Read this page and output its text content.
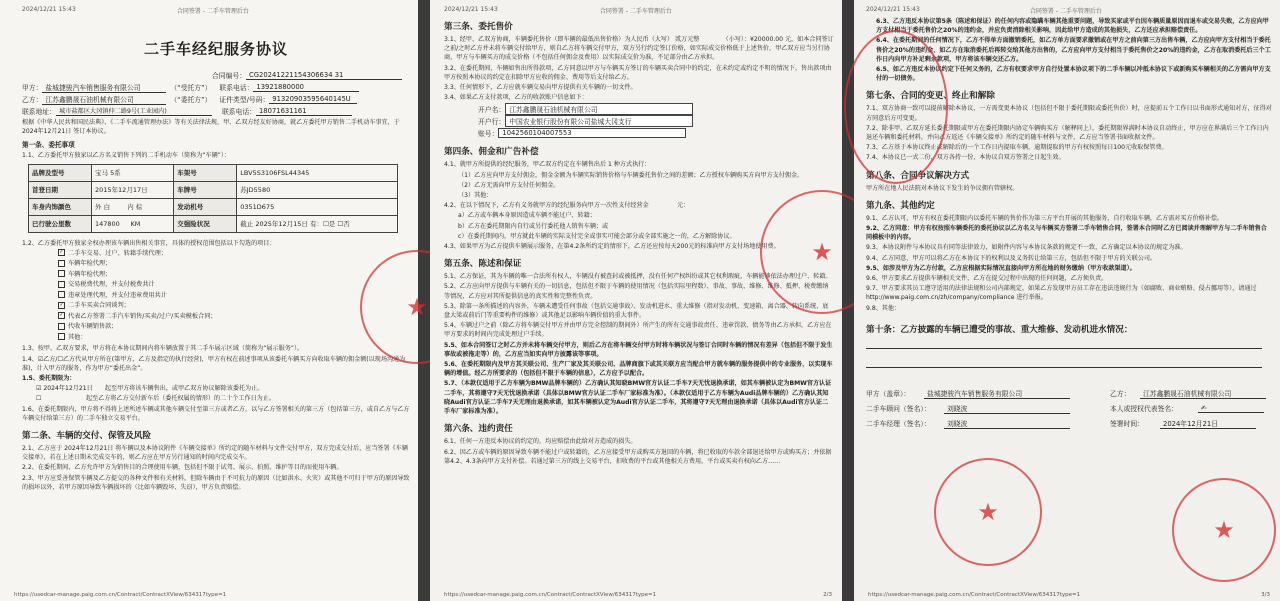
2024/12/21 15:43	合同签署 - 二手车管理后台
二手车经纪服务协议
合同编号： CG20241221154306634 31
甲方： 盐城捷骏汽车销售服务有限公司	（“受托方”） 联系电话： 13921880000
乙方： 江苏鑫鹏晟石油机械有限公司	（“委托方”） 证件类型/号码： 91320903595640145U
联系地址： 城市盐都区大冈镇仲二路9号(工业园内)	联系电话： 18071631161
根据《中华人民共和国民法典》、《二手车流通管理办法》等有关法律法规，甲、乙双方经友好协商，就乙方委托甲方销售二手机动车事宜，于 2024年12月21日 签订本协议。
第一条、委托事项
1.1、乙方委托甲方独家以乙方名义销售下列的二手机动车（简称为“车辆”）：
品牌及型号	宝马 5系	车架号	LBV5S3106FSL44345
首登日期	2015年12月17日	车牌号	苏JD5580
车身内饰颜色	外 白 　　 内 棕	发动机号	0351D675
已行驶公里数	147800 　 KM	交强险状况	截止 2025年12月15日 有：☐是 ☐否
1.2、乙方委托甲方独家全权办理该车辆出售相关事宜，具体的授权范围包括以下勾选的项目：
✓ 二手车交易、过户、转籍手续代理；
车辆年检代理；
车辆年检代理；
交易税费代理，并支付税费共计
违章处理代理，并支付违章费用共计
✓ 二手车买卖合同谈判；
✓ 代表乙方签署二手汽车销售/买卖/过户/买卖模板合同；
代收车辆销售款；
其他：
1.3、按甲、乙双方要求，甲方将在本协议期间内将车辆放置于其二手车展示区域（简称为“展示服务”）。
1.4、☑乙方/☐乙方代从甲方所在(第甲方、乙方及指定的执行经营)，甲方有权在前述事项从该委托车辆买方向收取车辆的佣金额(以现场沟通为准)，计入甲方的服务，作为甲方“委托出金”。
1.5、委托期限为：
☑ 2024年12月21日　　起至甲方将该车辆售出，或甲乙双方协议解除该委托为止。
☐ 　　　　　　　起至乙方将乙方交付新车后（委托权属的情形）的二十个工作日为止。
1.6、在委托期限内，甲方将不得将上述所述车辆或其他车辆交付至第三方或者乙方，以与乙方签署相关的第三方（包括第三方，或自乙方与乙方车辆交付给第三方）的二手车独立交易平台。
第二条、车辆的交付、保管及风险
2.1、乙方应于 2024年12月21日 将车辆以及本协议附件《车辆交接单》所约定的随车材料与文件交付甲方，双方完成交付后，应当签署《车辆交接单》，若在上述日期未完成交车的，则乙方应在甲方另行通知的时间内完成交车。
2.2、在委托期间，乙方允许甲方为销售目的合理使用车辆，包括但不限于试驾、展示、拍照、维护等目的而使用车辆。
2.3、甲方应妥善保管车辆及乙方提交的各种文件和有关材料，但除车辆由于不可抗力的原因（比如洪水、火灾）或其他不可归于甲方的原因导致的损坏以外，若甲方原因导致车辆损坏的（比如车辆毁坏、失窃），甲方负责赔偿。
https://usedcar-manage.paig.com.cn/Contract/ContractXView/634317type=1
★
2024/12/21 15:43	合同签署 - 二手车管理后台
第三条、委托售价
3.1、经甲、乙双方协商，车辆委托售价（即车辆的最低出售价格）为人民币（大写） 贰万元整 　　　　（小写）：¥20000.00 元，如本合同签订之前/之时乙方并未将车辆交付给甲方，则自乙方将车辆交付甲方，双方另行约定签订价格，如实际成交价格低于上述售价，甲乙双方应当另行协商，甲方与车辆买方的成交价格（不包括任何佣金及费用）以实际成交价为准，不足部分由乙方承担。
3.2、在委托期间，车辆如售出所得款项，乙方同意以甲方与车辆买方签订的车辆买卖合同中的约定，在未约定或约定不明的情况下，售出款项由甲方按照本协议的约定在扣除甲方应收的佣金、费用等后支付给乙方。
3.3、任何情形下，乙方应就车辆交易向甲方提供有关车辆的一切文件。
3.4、如果乙方支付款项，乙方的收款账户信息如下：
开户名： 江苏鑫鹏晟石油机械有限公司
开户行： 中国农业银行股份有限公司盐城大冈支行
账号： 1042560104007553
第四条、佣金和广告补偿
4.1、就甲方所提供的经纪服务，甲乙双方约定在车辆售出后 1 种方式执行：
（1）乙方应向甲方支付佣金，佣金金额为车辆实际销售价格与车辆委托售价之间的差额；乙方授权车辆购买方向甲方支付佣金。
（2）乙方无需向甲方支付任何佣金。
（3）其他：
4.2、在以下情况下，乙方有义务就甲方的经纪服务向甲方一次性支付经营金 　　　　 元：
a）乙方或车辆本身原因造成车辆不能过户、转籍；
b）乙方在委托期限内自行或另行委托他人销售车辆；或
c）在委托期间内，甲方就此车辆的实际支付完全或事实可能会部分或全部实施之一的，乙方解除协议。
4.3、如果甲方为乙方提供车辆展示服务，在第4.2条所约定的情形下，乙方还应按每天200元的标准向甲方支付场地使用费。
第五条、陈述和保证
5.1、乙方保证，其为车辆的唯一合法所有权人，车辆没有被查封或被抵押，没有任何产权纠纷或其它权利瑕疵，车辆能够依法办理过户、转籍。
5.2、乙方应向甲方提供与车辆有关的一切信息，包括但不限于车辆的使用情况（包括实际里程数）、事故、事故、维修、维修、抵押、税费缴纳等情况，乙方应对其所提供信息的真实性和完整性负责。
5.3、除第一条所描述的内容外，车辆未遭受任何事故（包括交通事故）、发动机进水、重大维修（指对发动机、变速箱、离合器、转向系统、底盘大梁或前后门等重要构件的维修）或其他足以影响车辆价值的重大事件。
5.4、车辆过户之前（除乙方将车辆交付甲方并由甲方完全控制的期间外）所产生的所有交通事故责任、违章罚款、债务等由乙方承担，乙方应在甲方要求的时间内完成处理过户手续。
5.5、如本合同签订之时乙方并未将车辆交付甲方，则后乙方在将车辆交付甲方时将车辆状况与签订合同时车辆的情况有差异（包括但不限于发生事故或被拖走等）的，乙方应当如实向甲方披露该等事项。
5.6、在委托期限内及甲方其关联公司、生产厂家及其关联公司、品牌商旗下或其关联方应当配合甲方就车辆的服务提供中的专业服务，以实现车辆的增值。经乙方所要求的（包括但不限于车辆的信息），乙方应予以配合。
5.7、（本款仅适用于乙方车辆为BMW品牌车辆的）乙方确认其知晓BMW官方认证二手车7天无忧退换承诺，如其车辆被认定为BMW官方认证二手车，其将遵守7天无忧退换承诺（具体以BMW官方认证二手车厂家标准为准）。（本款仅适用于乙方车辆为Audi品牌车辆的）乙方确认其知晓Audi官方认证二手车7天无理由退换承诺，如其车辆被认定为Audi官方认证二手车，其将遵守7天无理由退换承诺（具体以Audi官方认证二手车厂家标准为准）。
第六条、违约责任
6.1、任何一方违反本协议的约定的，均应赔偿由此给对方造成的损失。
6.2、因乙方或车辆的原因导致车辆不能过户或转籍的，乙方应接受甲方或购买方退回的车辆，将已收取的车款全部退还给甲方或购买方；并依据第4.2、4.3条向甲方支付补偿。若通过第三方的线上交易平台，扣收费的平台或其他相关方费用，平台或买卖有权向乙方……
https://usedcar-manage.paig.com.cn/Contract/ContractXView/634317type=1	2/3
★
2024/12/21 15:43	合同签署 - 二手车管理后台
6.3、乙方违反本协议第5条（陈述和保证）的任何内容或隐瞒车辆其他重要问题，导致买家或平台因车辆质量原因而退车或交易失败，乙方应向甲方支付相当于委托售价之20%的违约金，并应负责消除相关影响，因此给甲方造成的其他损失，乙方还应承担赔偿责任。
6.4、在委托期间的任何情况下，乙方不得单方面撤销委托，如乙方单方面要求撤销或在甲方之前向第三方出售车辆，乙方应向甲方支付相当于委托售价之20%的违约金，如乙方在取消委托后再转交给其他方出售的，乙方应向甲方支付相当于委托售价之20%的违约金，乙方在取消委托后三个工作日内向甲方补足剩余款项，甲方将该车辆交还乙方。
6.5、如乙方违反本协议约定下任何义务的，乙方有权要求甲方自行处置本协议项下的二手车辆以冲抵本协议下或新购买车辆相关的乙方需向甲方支付的一切债务。
第七条、合同的变更、终止和解除
7.1、双方协商一致可以提前解除本协议，一方需变更本协议（包括但不限于委托期限或委托售价）时，应提前五个工作日以书面形式通知对方，征得对方同意后方可变更。
7.2、除非甲、乙双方延长委托期限或甲方在委托期限内协定车辆购买方（解释同上），委托期限界满时本协议自动终止，甲方应在界满后三个工作日内退还车辆和委托材料，并向乙方返还《车辆交接单》所约定的随车材料与文件，乙方应当签署书面收据文件。
7.3、乙方基于本协议终止或解除后的一个工作日内提取车辆，逾期提取的甲方有权按照每日100元收取保管费。
7.4、本协议已一式二份，双方各持一份，本协议自双方签署之日起生效。
第八条、合同争议解决方式
甲方所在地人民法院对本协议下发生的争议拥有管辖权。
第九条、其他约定
9.1、乙方认可，甲方有权在委托期限内以委托车辆的售价作为第三方平台开展的其他服务，自行收取车辆，乙方需对买方价格补偿。
9.2、乙方同意：甲方有权按照车辆委托的委托协议以乙方名义与车辆买方签署二手车销售合同，签署本合同时乙方已阅读并理解甲方与二手车销售合同模板中的内容。
9.3、本协议附件与本协议具有同等法律效力，如附件内容与本协议条款的规定不一致，乙方确定以本协议的规定为准。
9.4、乙方同意，甲方可以将乙方在本协议下的权利以及义务转让给第三方，包括但不限于甲方的关联公司。
9.5、如涉及甲方为乙方付款，乙方应根据实际情况直接向甲方所在地的财务缴纳（甲方收款渠道）。
9.6、甲方要求乙方提供车辆相关文件，乙方在提交过程中出现的任何问题，乙方须负责。
9.7、甲方要求其员工遵守适用的法律法规和公司内部规定，如果乙方发现甲方员工存在违法违规行为（如腐败、商业贿赂、侵占挪用等），请通过http://www.paig.com.cn/zh/company/compliance 进行举报。
9.8、其他：
第十条：乙方披露的车辆已遭受的事故、重大维修、发动机进水情况：
甲方（盖章）：	盐城捷骏汽车销售服务有限公司	乙方：	江苏鑫鹏晟石油机械有限公司
二手车顾问（签名）：	刘晓波	本人或授权代表签名：	✍
二手车经理（签名）：	刘晓波	签署时间：	2024年12月21日
https://usedcar-manage.paig.com.cn/Contract/ContractXView/634317type=1	3/3
★
★
